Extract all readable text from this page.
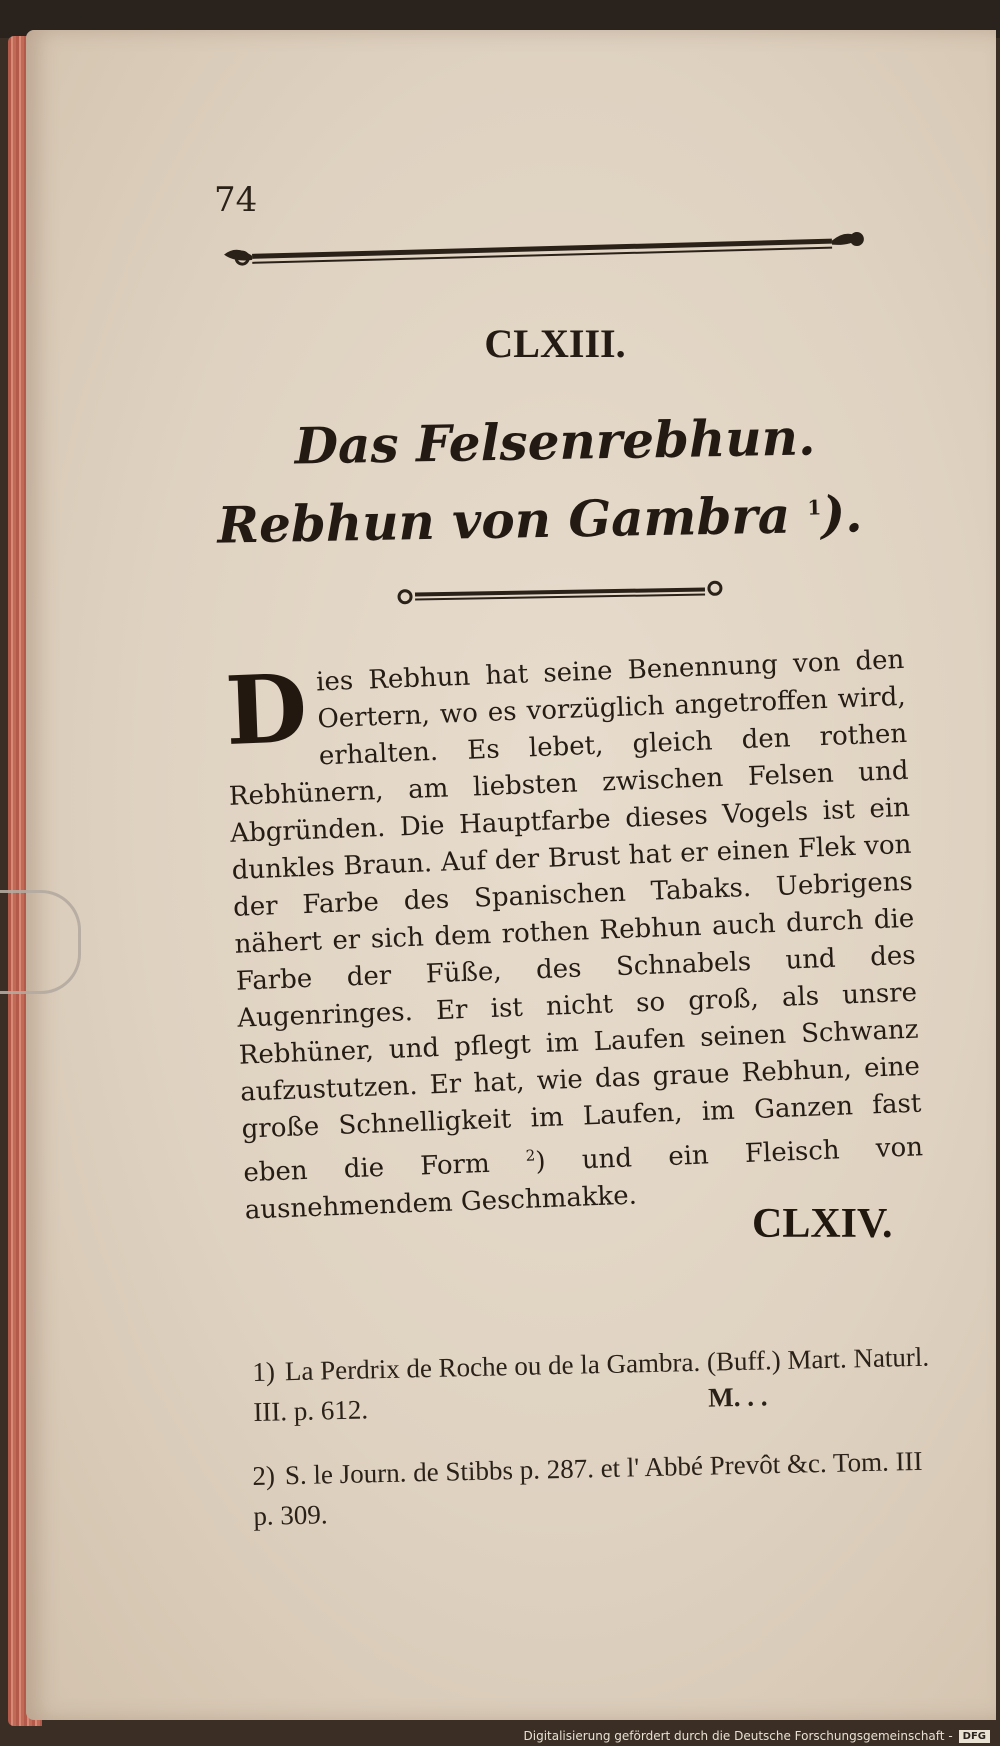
74
CLXIII.
Das Felsenrebhun.
Rebhun von Gambra $^1$).
Dies Rebhun hat seine Benennung von den Oertern, wo es vorzüglich angetroffen wird, erhalten. Es lebet, gleich den rothen Rebhünern, am liebsten zwischen Felsen und Abgründen. Die Hauptfarbe dieses Vogels ist ein dunkles Braun. Auf der Brust hat er einen Flek von der Farbe des Spanischen Tabaks. Uebrigens nähert er sich dem rothen Rebhun auch durch die Farbe der Füße, des Schnabels und des Augenringes. Er ist nicht so groß, als unsre Rebhüner, und pflegt im Laufen seinen Schwanz aufzustutzen. Er hat, wie das graue Rebhun, eine große Schnelligkeit im Laufen, im Ganzen fast eben die Form $^2$) und ein Fleisch von ausnehmendem Geschmakke.	CLXIV.
1) La Perdrix de Roche ou de la Gambra. (Buff.) Mart. Naturl. III. p. 612.	M. . .
2) S. le Journ. de Stibbs p. 287. et l' Abbé Prevôt &c. Tom. III p. 309.
Digitalisierung gefördert durch die Deutsche Forschungsgemeinschaft -	DFG
